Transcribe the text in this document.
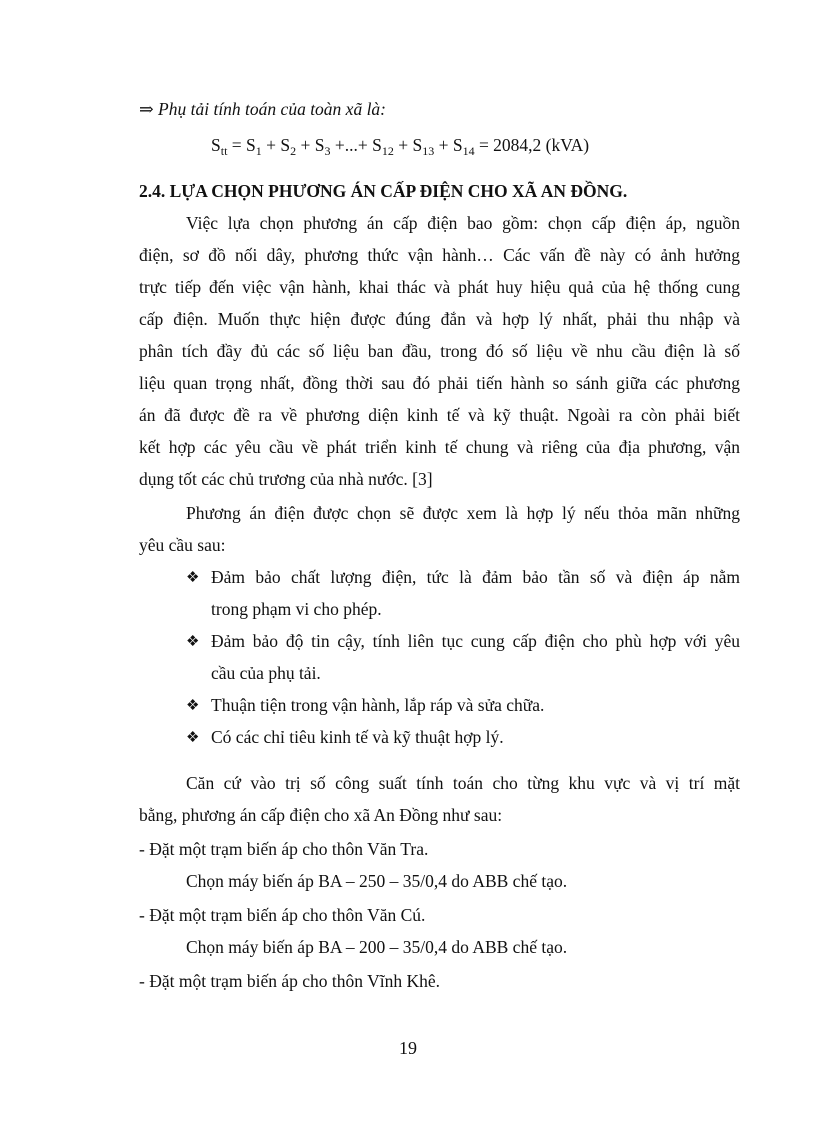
⇒ Phụ tải tính toán của toàn xã là:
$S_{tt} = S_1 + S_2 + S_3$ +...+ $S_{12} + S_{13} + S_{14} = 2084,2$ (kVA)
2.4. LỰA CHỌN PHƯƠNG ÁN CẤP ĐIỆN CHO XÃ AN ĐỒNG.
Việc lựa chọn phương án cấp điện bao gồm: chọn cấp điện áp, nguồn
điện, sơ đồ nối dây, phương thức vận hành… Các vấn đề này có ảnh hưởng
trực tiếp đến việc vận hành, khai thác và phát huy hiệu quả của hệ thống cung
cấp điện. Muốn thực hiện được đúng đắn và hợp lý nhất, phải thu nhập và
phân tích đầy đủ các số liệu ban đầu, trong đó số liệu về nhu cầu điện là số
liệu quan trọng nhất, đồng thời sau đó phải tiến hành so sánh giữa các phương
án đã được đề ra về phương diện kinh tế và kỹ thuật. Ngoài ra còn phải biết
kết hợp các yêu cầu về phát triển kinh tế chung và riêng của địa phương, vận
dụng tốt các chủ trương của nhà nước. [3]
Phương án điện được chọn sẽ được xem là hợp lý nếu thỏa mãn những
yêu cầu sau:
❖ Đảm bảo chất lượng điện, tức là đảm bảo tần số và điện áp nằm
trong phạm vi cho phép.
❖ Đảm bảo độ tin cậy, tính liên tục cung cấp điện cho phù hợp với yêu
cầu của phụ tải.
❖ Thuận tiện trong vận hành, lắp ráp và sửa chữa.
❖ Có các chỉ tiêu kinh tế và kỹ thuật hợp lý.
Căn cứ vào trị số công suất tính toán cho từng khu vực và vị trí mặt
bằng, phương án cấp điện cho xã An Đồng như sau:
- Đặt một trạm biến áp cho thôn Văn Tra.
Chọn máy biến áp BA – 250 – 35/0,4 do ABB chế tạo.
- Đặt một trạm biến áp cho thôn Văn Cú.
Chọn máy biến áp BA – 200 – 35/0,4 do ABB chế tạo.
- Đặt một trạm biến áp cho thôn Vĩnh Khê.
19
